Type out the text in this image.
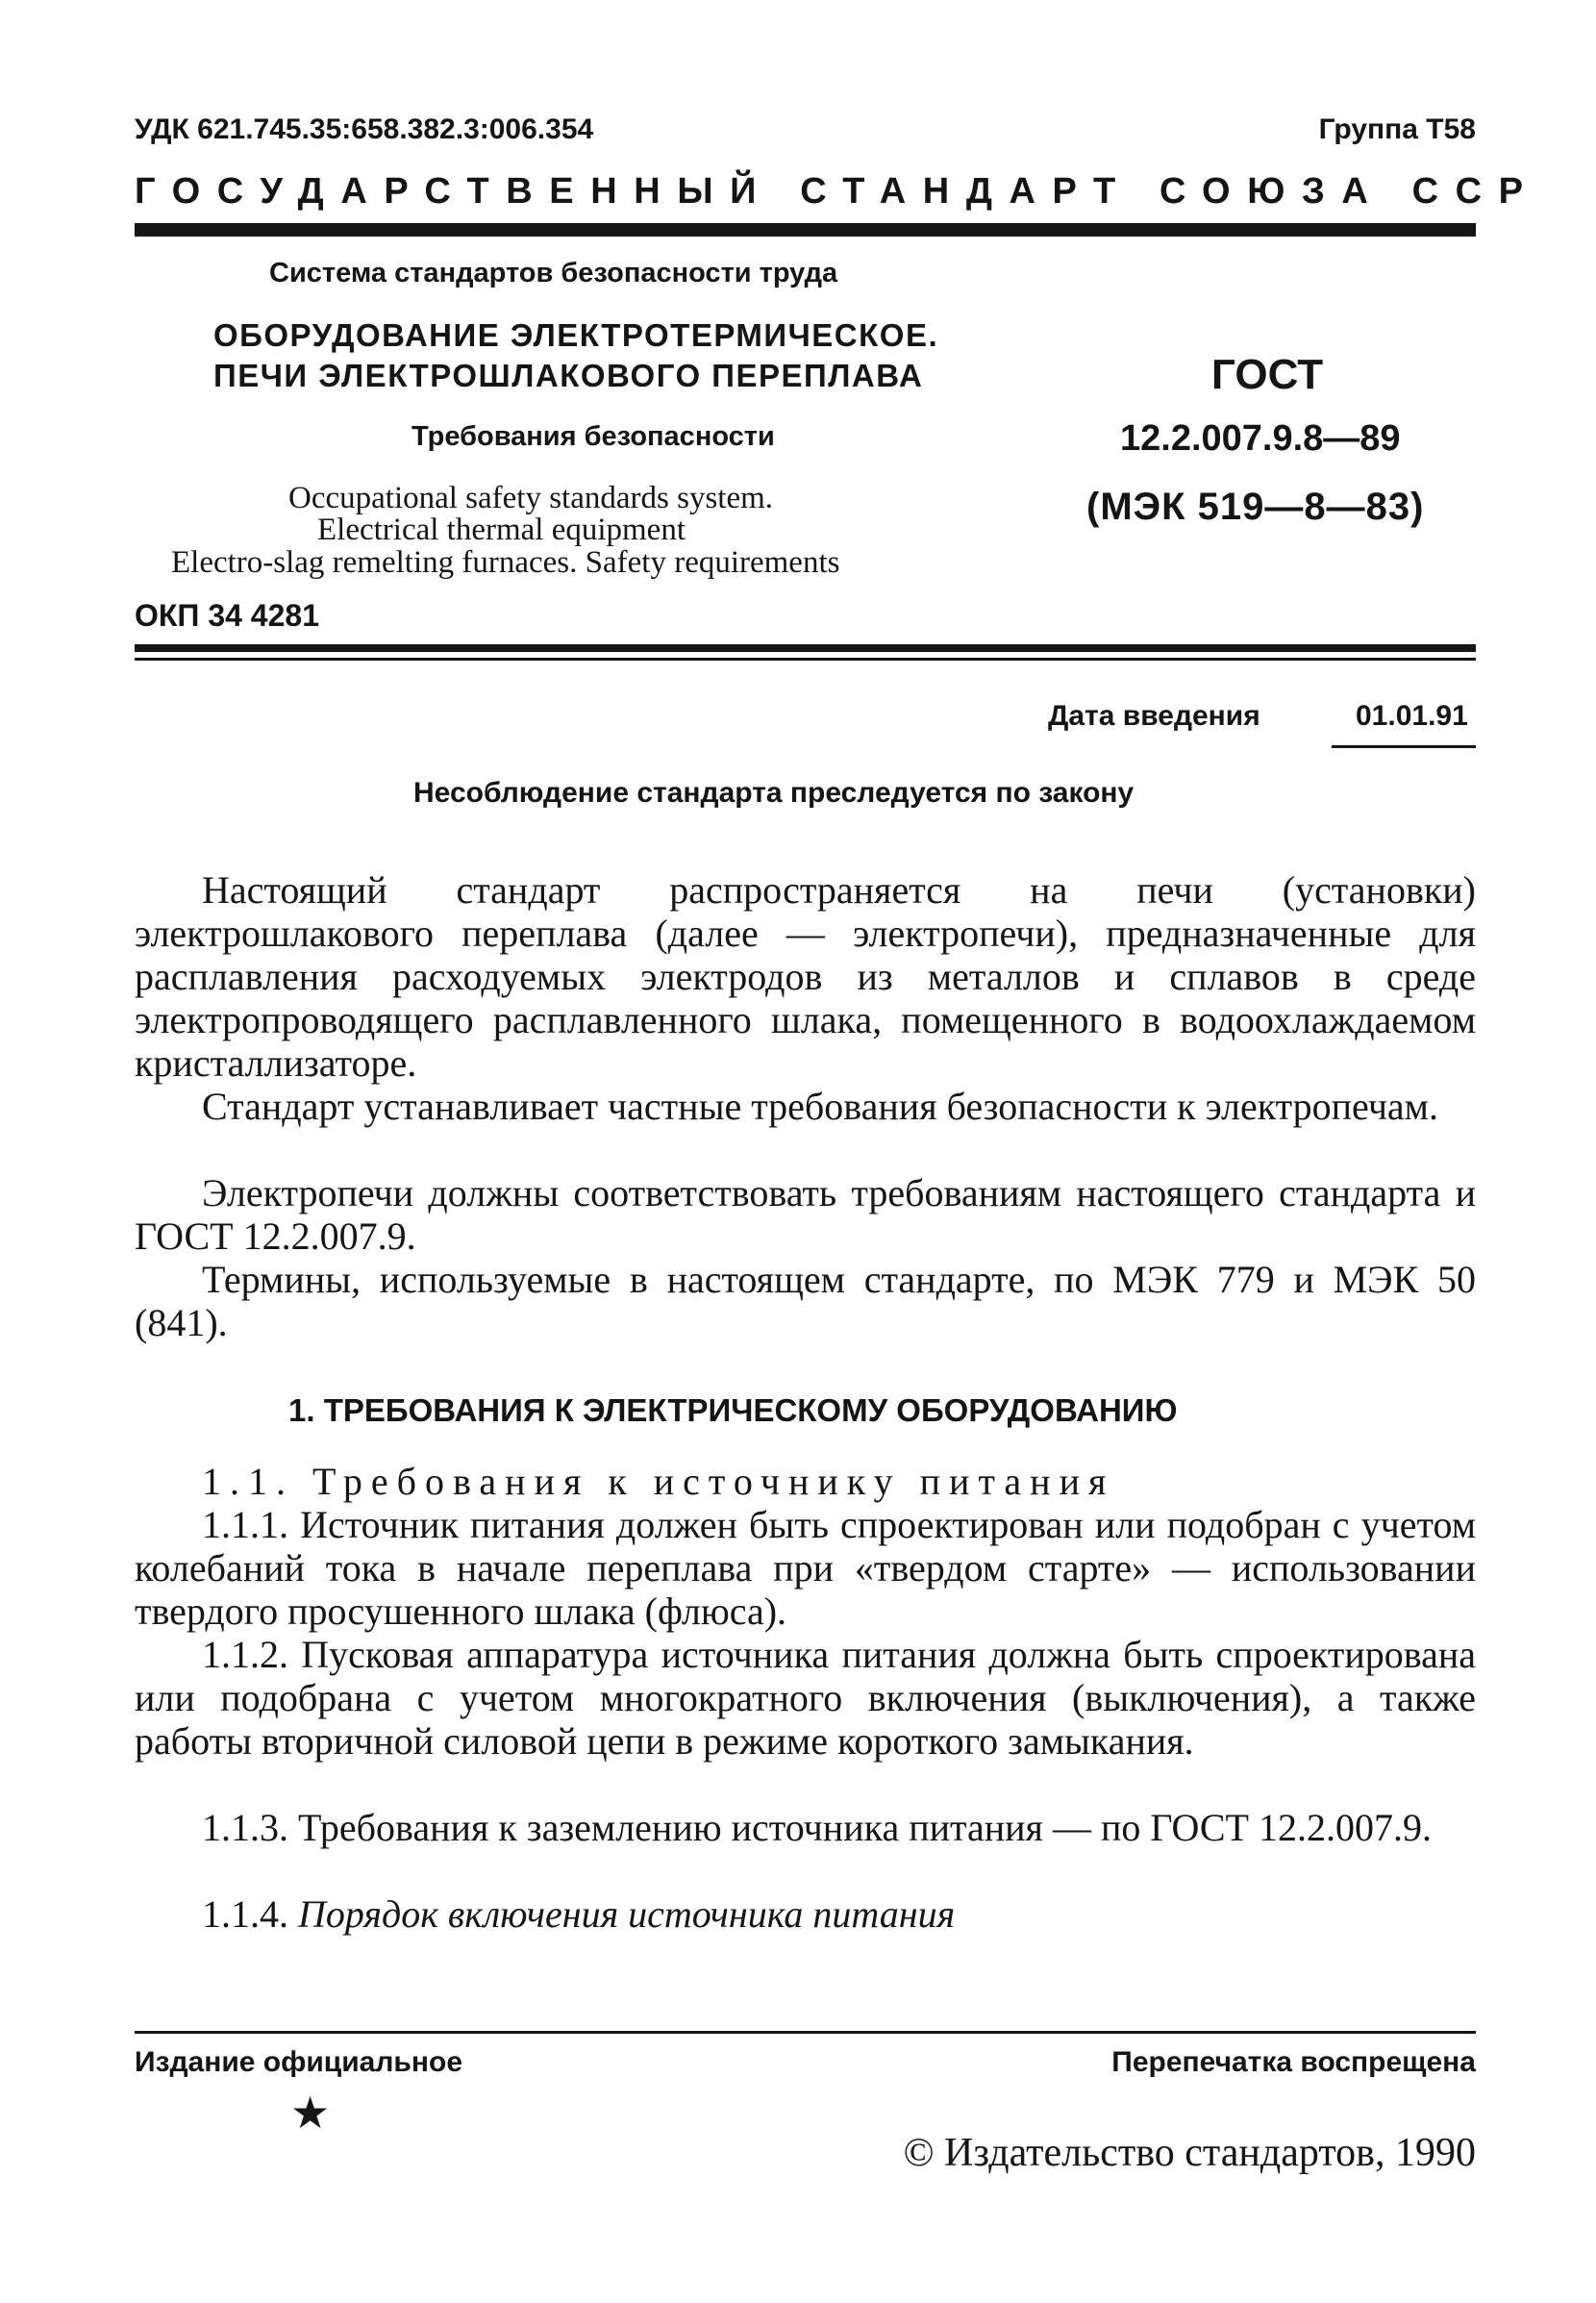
УДК 621.745.35:658.382.3:006.354	Группа Т58
ГОСУДАРСТВЕННЫЙ СТАНДАРТ СОЮЗА ССР
Система стандартов безопасности труда
ОБОРУДОВАНИЕ ЭЛЕКТРОТЕРМИЧЕСКОЕ.
ПЕЧИ ЭЛЕКТРОШЛАКОВОГО ПЕРЕПЛАВА
Требования безопасности
Occupational safety standards system.
Electrical thermal equipment
Electro-slag remelting furnaces. Safety requirements
ОКП 34 4281
ГОСТ
12.2.007.9.8—89
(МЭК 519—8—83)
Дата введения	01.01.91
Несоблюдение стандарта преследуется по закону
Настоящий стандарт распространяется на печи (установки) электрошлакового переплава (далее — электропечи), предназначенные для расплавления расходуемых электродов из металлов и сплавов в среде электропроводящего расплавленного шлака, помещенного в водоохлаждаемом кристаллизаторе.
Стандарт устанавливает частные требования безопасности к электропечам.
Электропечи должны соответствовать требованиям настоящего стандарта и ГОСТ 12.2.007.9.
Термины, используемые в настоящем стандарте, по МЭК 779 и МЭК 50 (841).
1. ТРЕБОВАНИЯ К ЭЛЕКТРИЧЕСКОМУ ОБОРУДОВАНИЮ
1.1. Требования к источнику питания
1.1.1. Источник питания должен быть спроектирован или подобран с учетом колебаний тока в начале переплава при «твердом старте» — использовании твердого просушенного шлака (флюса).
1.1.2. Пусковая аппаратура источника питания должна быть спроектирована или подобрана с учетом многократного включения (выключения), а также работы вторичной силовой цепи в режиме короткого замыкания.
1.1.3. Требования к заземлению источника питания — по ГОСТ 12.2.007.9.
1.1.4. Порядок включения источника питания
Издание официальное	Перепечатка воспрещена
★
© Издательство стандартов, 1990
